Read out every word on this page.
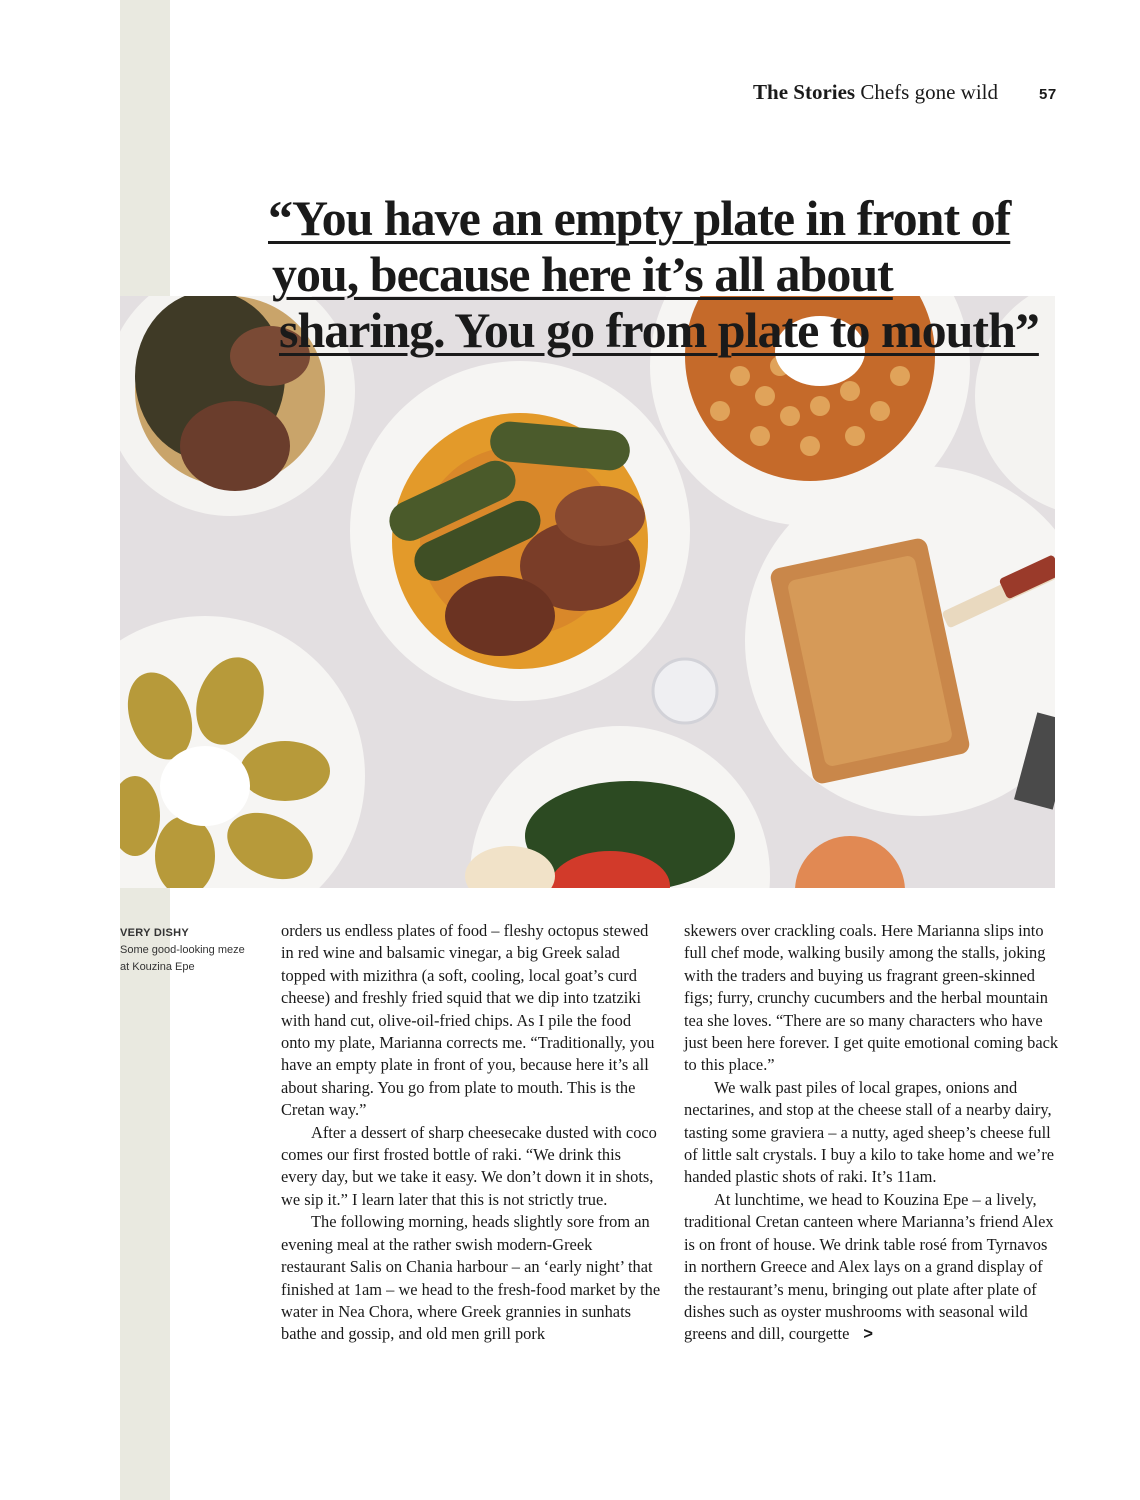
The Stories Chefs gone wild	57
“You have an empty plate in front of
you, because here it’s all about
sharing. You go from plate to mouth”
VERY DISHY
Some good-looking meze
at Kouzina Epe

orders us endless plates of food – fleshy octopus stewed in red wine and balsamic vinegar, a big Greek salad topped with mizithra (a soft, cooling, local goat’s curd cheese) and freshly fried squid that we dip into tzatziki with hand cut, olive-oil-fried chips. As I pile the food onto my plate, Marianna corrects me. “Traditionally, you have an empty plate in front of you, because here it’s all about sharing. You go from plate to mouth. This is the Cretan way.”

After a dessert of sharp cheesecake dusted with coco comes our first frosted bottle of raki. “We drink this every day, but we take it easy. We don’t down it in shots, we sip it.” I learn later that this is not strictly true.

The following morning, heads slightly sore from an evening meal at the rather swish modern-Greek restaurant Salis on Chania harbour – an ‘early night’ that finished at 1am – we head to the fresh-food market by the water in Nea Chora, where Greek grannies in sunhats bathe and gossip, and old men grill pork

skewers over crackling coals. Here Marianna slips into full chef mode, walking busily among the stalls, joking with the traders and buying us fragrant green-skinned figs; furry, crunchy cucumbers and the herbal mountain tea she loves. “There are so many characters who have just been here forever. I get quite emotional coming back to this place.”

We walk past piles of local grapes, onions and nectarines, and stop at the cheese stall of a nearby dairy, tasting some graviera – a nutty, aged sheep’s cheese full of little salt crystals. I buy a kilo to take home and we’re handed plastic shots of raki. It’s 11am.

At lunchtime, we head to Kouzina Epe – a lively, traditional Cretan canteen where Marianna’s friend Alex is on front of house. We drink table rosé from Tyrnavos in northern Greece and Alex lays on a grand display of the restaurant’s menu, bringing out plate after plate of dishes such as oyster mushrooms with seasonal wild greens and dill, courgette >
